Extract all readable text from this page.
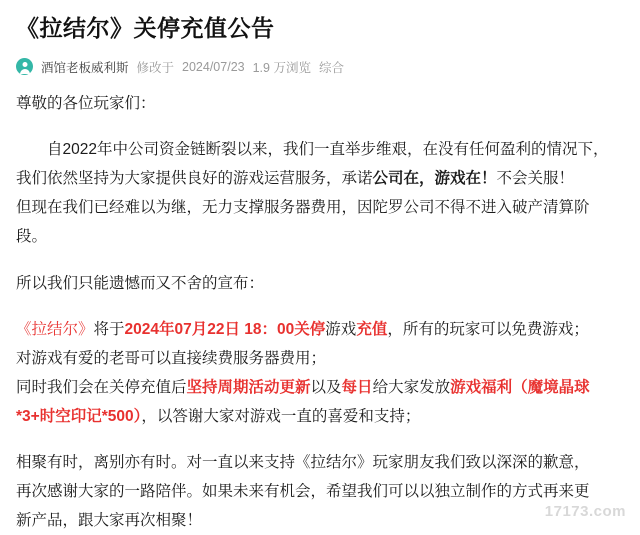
《拉结尔》关停充值公告
酒馆老板威利斯 修改于 2024/07/23 1.9 万浏览 综合

尊敬的各位玩家们：

　　自2022年中公司资金链断裂以来，我们一直举步维艰，在没有任何盈利的情况下，

我们依然坚持为大家提供良好的游戏运营服务，承诺公司在，游戏在！不会关服！

但现在我们已经难以为继，无力支撑服务器费用，因陀罗公司不得不进入破产清算阶

段。

所以我们只能遗憾而又不舍的宣布：

《拉结尔》将于2024年07月22日 18：00关停游戏充值，所有的玩家可以免费游戏；

对游戏有爱的老哥可以直接续费服务器费用；

同时我们会在关停充值后坚持周期活动更新以及每日给大家发放游戏福利（魔境晶球

*3+时空印记*500），以答谢大家对游戏一直的喜爱和支持；

相聚有时，离别亦有时。对一直以来支持《拉结尔》玩家朋友我们致以深深的歉意，

再次感谢大家的一路陪伴。如果未来有机会，希望我们可以以独立制作的方式再来更

新产品，跟大家再次相聚！

17173.com
